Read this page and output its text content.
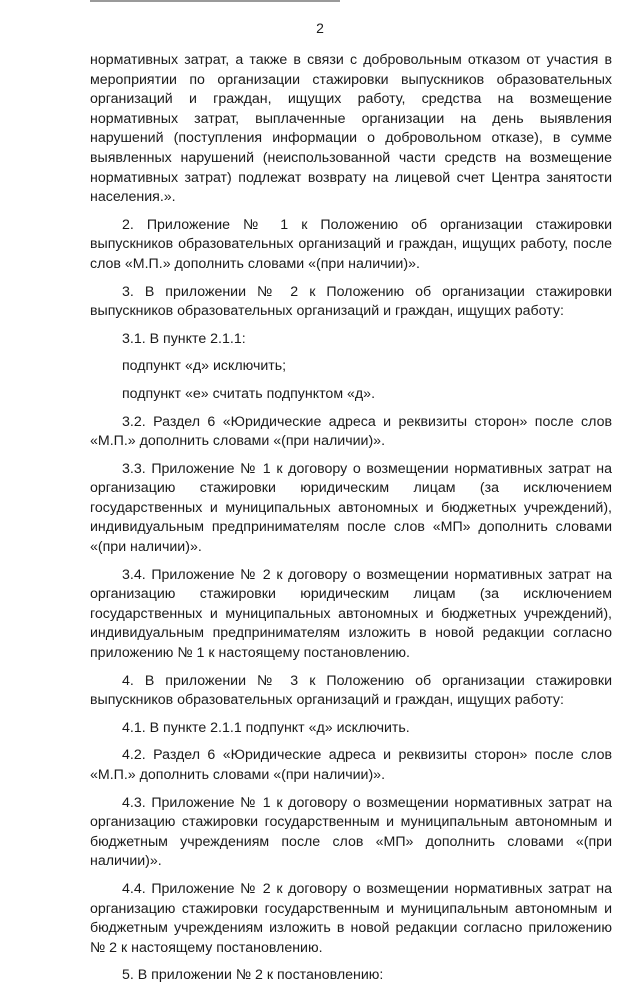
2

нормативных затрат, а также в связи с добровольным отказом от участия в мероприятии по организации стажировки выпускников образовательных организаций и граждан, ищущих работу, средства на возмещение нормативных затрат, выплаченные организации на день выявления нарушений (поступления информации о добровольном отказе), в сумме выявленных нарушений (неиспользованной части средств на возмещение нормативных затрат) подлежат возврату на лицевой счет Центра занятости населения.».

2. Приложение № 1 к Положению об организации стажировки выпускников образовательных организаций и граждан, ищущих работу, после слов «М.П.» дополнить словами «(при наличии)».

3. В приложении № 2 к Положению об организации стажировки выпускников образовательных организаций и граждан, ищущих работу:

3.1. В пункте 2.1.1:

подпункт «д» исключить;

подпункт «е» считать подпунктом «д».

3.2. Раздел 6 «Юридические адреса и реквизиты сторон» после слов «М.П.» дополнить словами «(при наличии)».

3.3. Приложение № 1 к договору о возмещении нормативных затрат на организацию стажировки юридическим лицам (за исключением государственных и муниципальных автономных и бюджетных учреждений), индивидуальным предпринимателям после слов «МП» дополнить словами «(при наличии)».

3.4. Приложение № 2 к договору о возмещении нормативных затрат на организацию стажировки юридическим лицам (за исключением государственных и муниципальных автономных и бюджетных учреждений), индивидуальным предпринимателям изложить в новой редакции согласно приложению № 1 к настоящему постановлению.

4. В приложении № 3 к Положению об организации стажировки выпускников образовательных организаций и граждан, ищущих работу:

4.1. В пункте 2.1.1 подпункт «д» исключить.

4.2. Раздел 6 «Юридические адреса и реквизиты сторон» после слов «М.П.» дополнить словами «(при наличии)».

4.3. Приложение № 1 к договору о возмещении нормативных затрат на организацию стажировки государственным и муниципальным автономным и бюджетным учреждениям после слов «МП» дополнить словами «(при наличии)».

4.4. Приложение № 2 к договору о возмещении нормативных затрат на организацию стажировки государственным и муниципальным автономным и бюджетным учреждениям изложить в новой редакции согласно приложению № 2 к настоящему постановлению.

5. В приложении № 2 к постановлению:
